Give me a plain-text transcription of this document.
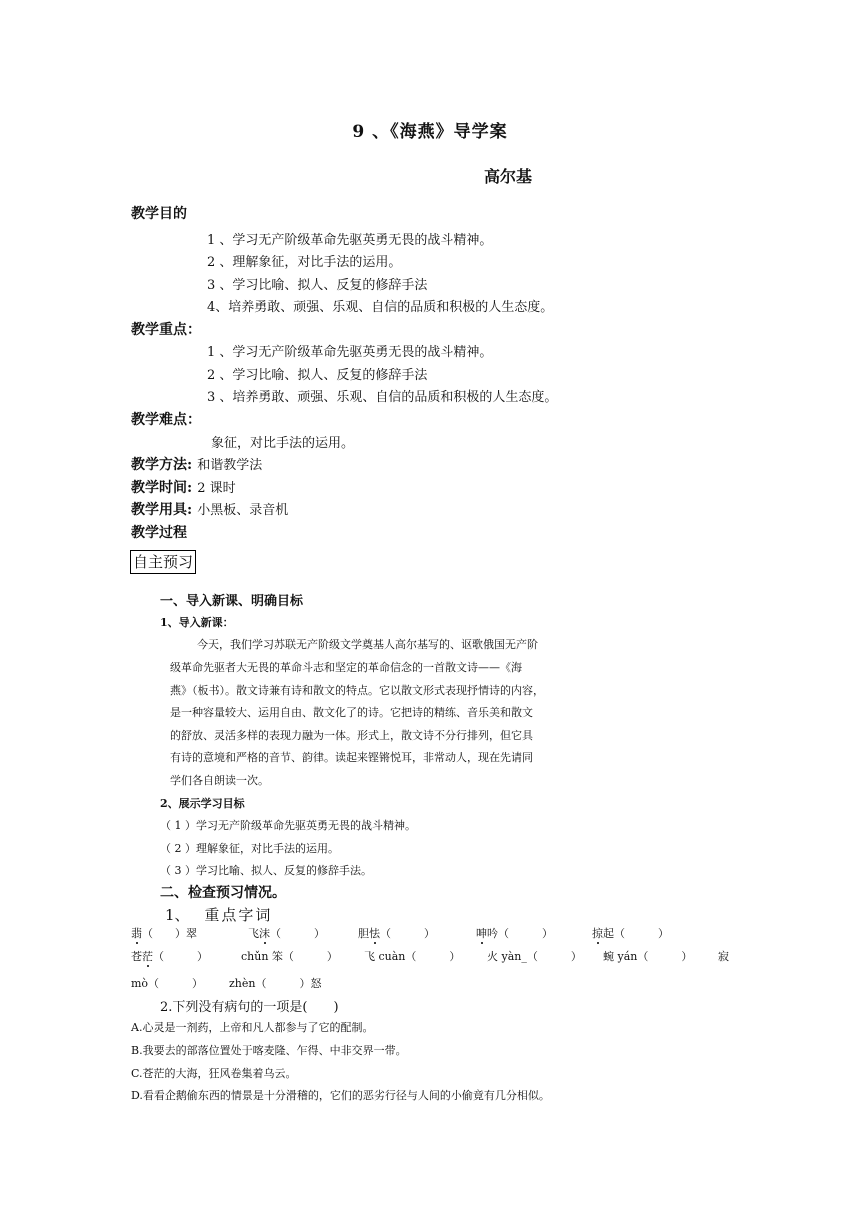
9 、《海燕》导学案
高尔基
教学目的
1 、学习无产阶级革命先驱英勇无畏的战斗精神。
2 、理解象征，对比手法的运用。
3 、学习比喻、拟人、反复的修辞手法
4、培养勇敢、顽强、乐观、自信的品质和积极的人生态度。
教学重点：
1 、学习无产阶级革命先驱英勇无畏的战斗精神。
2 、学习比喻、拟人、反复的修辞手法
3 、培养勇敢、顽强、乐观、自信的品质和积极的人生态度。
教学难点：
象征，对比手法的运用。
教学方法: 和谐教学法
教学时间: 2 课时
教学用具: 小黑板、录音机
教学过程
自主预习
一、导入新课、明确目标
1、导入新课：
今天，我们学习苏联无产阶级文学奠基人高尔基写的、讴歌俄国无产阶
级革命先驱者大无畏的革命斗志和坚定的革命信念的一首散文诗——《海
燕》（板书）。散文诗兼有诗和散文的特点。它以散文形式表现抒情诗的内容，
是一种容量较大、运用自由、散文化了的诗。它把诗的精练、音乐美和散文
的舒放、灵活多样的表现力融为一体。形式上，散文诗不分行排列，但它具
有诗的意境和严格的音节、韵律。读起来铿锵悦耳，非常动人，现在先请同
学们各自朗读一次。
2、展示学习目标
（ 1 ）学习无产阶级革命先驱英勇无畏的战斗精神。
（ 2 ）理解象征，对比手法的运用。
（ 3 ）学习比喻、拟人、反复的修辞手法。
二、检查预习情况。
1、 重点字词
翡（　　）翠	飞沫（　　　）	胆怯（　　　）	呻吟（　　　）	掠起（　　　）
苍茫（　　　）	chǔn 笨（　　　） 飞 cuàn（　　　） 火 yàn_（　　　） 蜿 yán（　　　） 寂
mò（　　　） zhèn（　　　）怒
2.下列没有病句的一项是(　　)
A.心灵是一剂药，上帝和凡人都参与了它的配制。
B.我要去的部落位置处于喀麦隆、乍得、中非交界一带。
C.苍茫的大海，狂风卷集着乌云。
D.看看企鹅偷东西的情景是十分滑稽的，它们的恶劣行径与人间的小偷竟有几分相似。
